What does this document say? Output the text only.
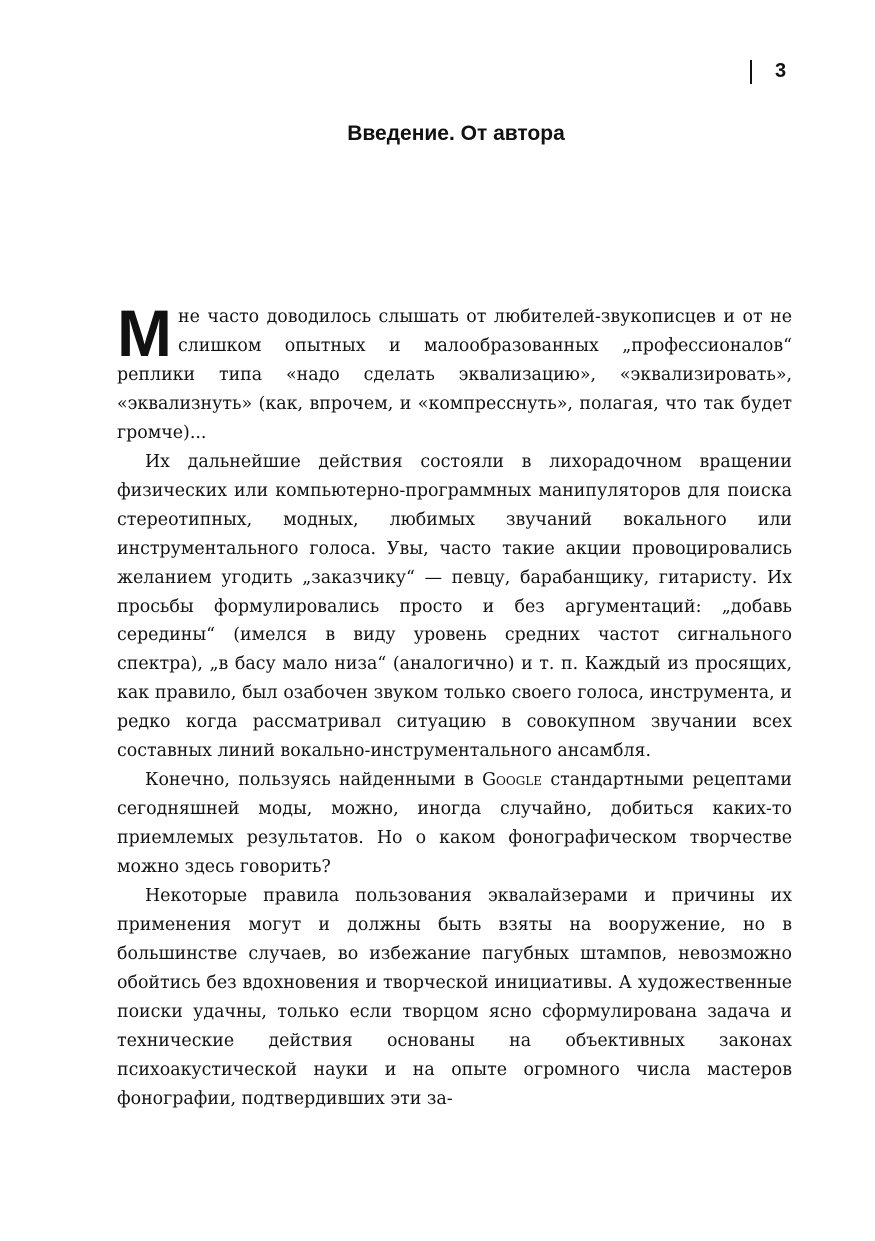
3
Введение. От автора

Мне часто доводилось слышать от любителей-звукописцев и от не слишком опытных и малообразованных „профессионалов“ реплики типа «надо сделать эквализацию», «эквализировать», «эквализнуть» (как, впрочем, и «компресснуть», полагая, что так будет громче)...

Их дальнейшие действия состояли в лихорадочном вращении физических или компьютерно-программных манипуляторов для поиска стереотипных, модных, любимых звучаний вокального или инструментального голоса. Увы, часто такие акции провоцировались желанием угодить „заказчику“ — певцу, барабанщику, гитаристу. Их просьбы формулировались просто и без аргументаций: „добавь середины“ (имелся в виду уровень средних частот сигнального спектра), „в басу мало низа“ (аналогично) и т. п. Каждый из просящих, как правило, был озабочен звуком только своего голоса, инструмента, и редко когда рассматривал ситуацию в совокупном звучании всех составных линий вокально-инструментального ансамбля.

Конечно, пользуясь найденными в Google стандартными рецептами сегодняшней моды, можно, иногда случайно, добиться каких-то приемлемых результатов. Но о каком фонографическом творчестве можно здесь говорить?

Некоторые правила пользования эквалайзерами и причины их применения могут и должны быть взяты на вооружение, но в большинстве случаев, во избежание пагубных штампов, невозможно обойтись без вдохновения и творческой инициативы. А художественные поиски удачны, только если творцом ясно сформулирована задача и технические действия основаны на объективных законах психоакустической науки и на опыте огромного числа мастеров фонографии, подтвердивших эти за-
